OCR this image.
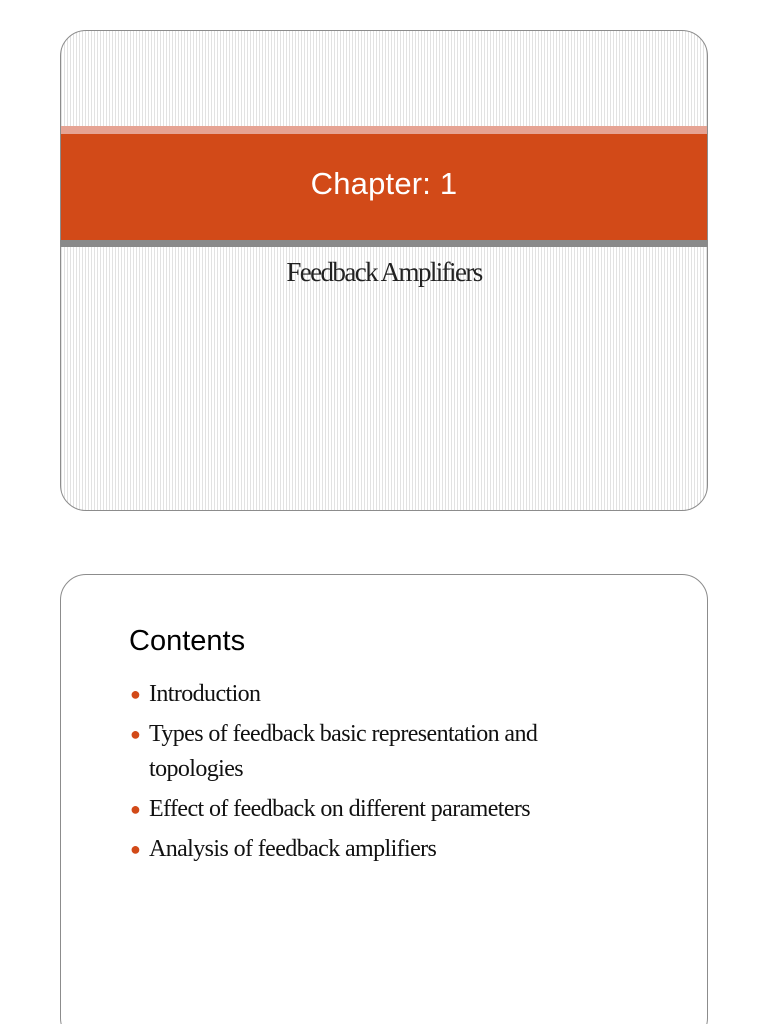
Chapter: 1
Feedback Amplifiers
Contents
● Introduction
● Types of feedback basic representation and topologies
● Effect of feedback on different parameters
● Analysis of feedback amplifiers
